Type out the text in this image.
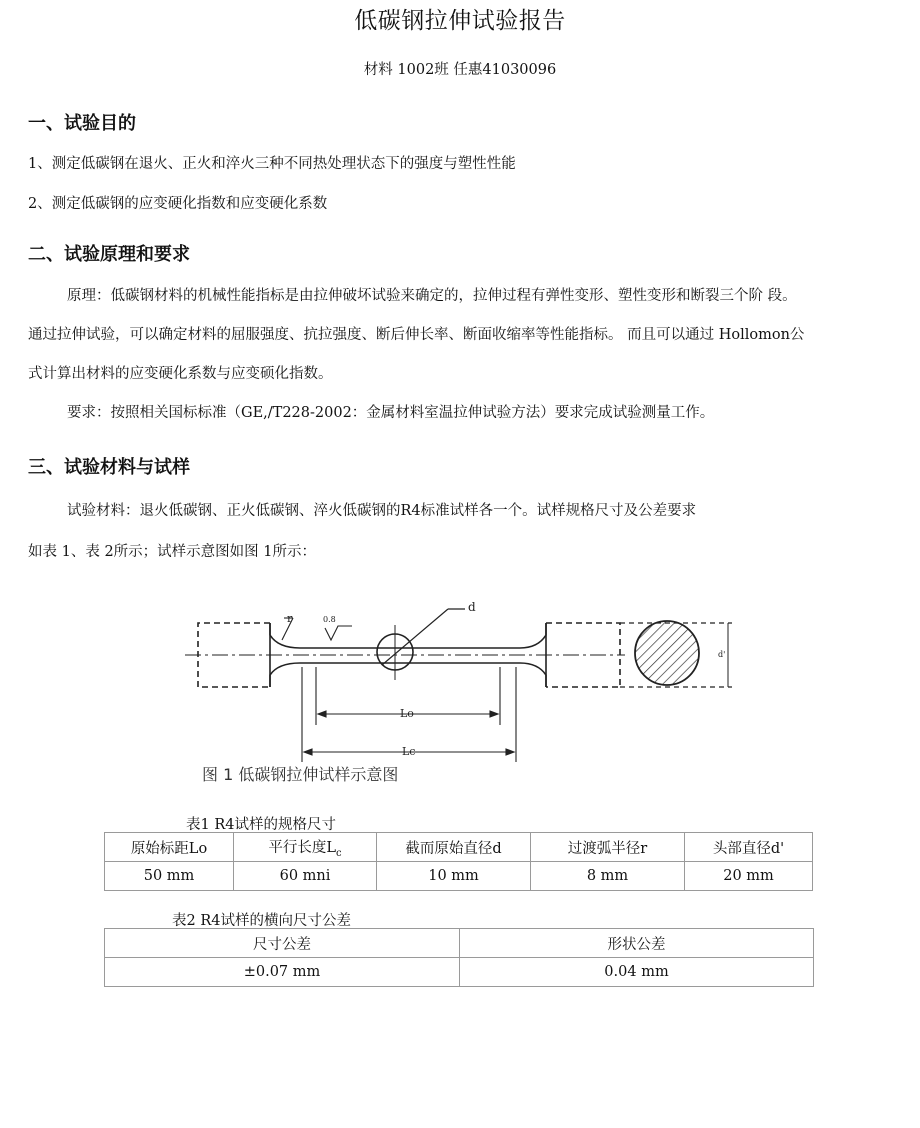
低碳钢拉伸试验报告
材料 1002班 任惠41030096
一、试验目的
1、测定低碳钢在退火、正火和淬火三种不同热处理状态下的强度与塑性性能
2、测定低碳钢的应变硬化指数和应变硬化系数
二、试验原理和要求
原理：低碳钢材料的机械性能指标是由拉伸破坏试验来确定的，拉伸过程有弹性变形、塑性变形和断裂三个阶 段。
通过拉伸试验，可以确定材料的屈服强度、抗拉强度、断后伸长率、断面收缩率等性能指标。 而且可以通过 Hollomon公
式计算出材料的应变硬化系数与应变硕化指数。
要求：按照相关国标标准（GE,/T228-2002：金属材料室温拉伸试验方法）要求完成试验测量工作。
三、试验材料与试样
试验材料：退火低碳钢、正火低碳钢、淬火低碳钢的R4标准试样各一个。试样规格尺寸及公差要求
如表 1、表 2所示；试样示意图如图 1所示：
d
r	0.8
Lo
Lc
d'
图 1 低碳钢拉伸试样示意图
表1 R4试样的规格尺寸
原始标距Lo	平行长度$L_c$	截而原始直径d	过渡弧半径r	头部直径d'
50 mm	60 mni	10 mm	8 mm	20 mm
表2 R4试样的横向尺寸公差
尺寸公差	形状公差
±0.07 mm	0.04 mm
